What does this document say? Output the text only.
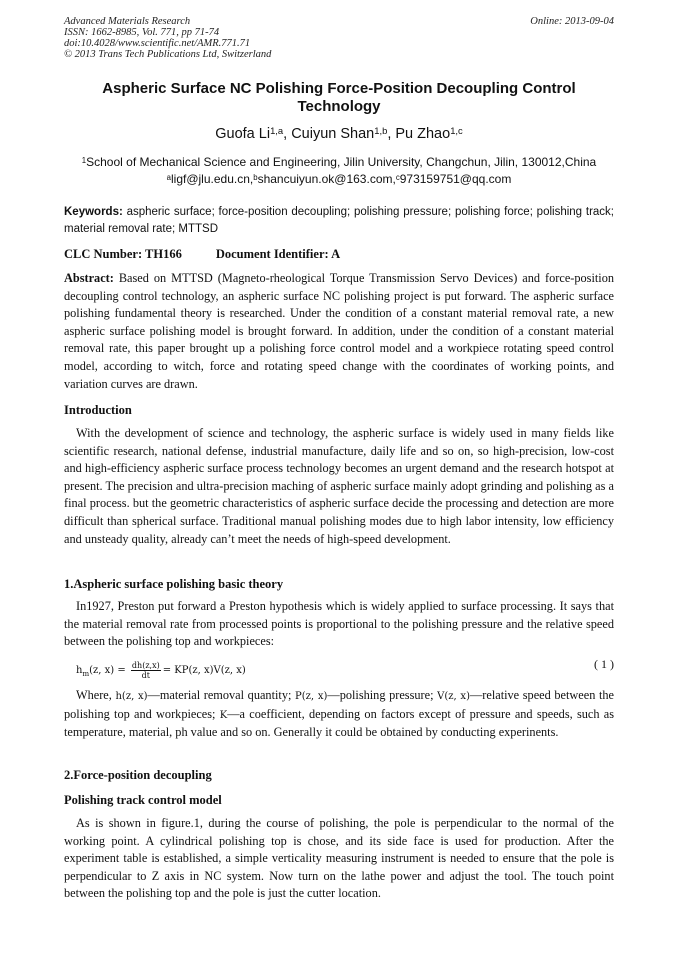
Advanced Materials Research
ISSN: 1662-8985, Vol. 771, pp 71-74
doi:10.4028/www.scientific.net/AMR.771.71
© 2013 Trans Tech Publications Ltd, Switzerland
Online: 2013-09-04
Aspheric Surface NC Polishing Force-Position Decoupling Control Technology
Guofa Li$^{1,a}$, Cuiyun Shan$^{1,b}$, Pu Zhao$^{1,c}$
$^1$School of Mechanical Science and Engineering, Jilin University, Changchun, Jilin, 130012,China
$^a$ligf@jlu.edu.cn,$^b$shancuiyun.ok@163.com,$^c$973159751@qq.com
Keywords: aspheric surface; force-position decoupling; polishing pressure; polishing force; polishing track; material removal rate; MTTSD
CLC Number: TH166	Document Identifier: A
Abstract: Based on MTTSD (Magneto-rheological Torque Transmission Servo Devices) and force-position decoupling control technology, an aspheric surface NC polishing project is put forward. The aspheric surface polishing fundamental theory is researched. Under the condition of a constant material removal rate, a new aspheric surface polishing model is brought forward. In addition, under the condition of a constant material removal rate, this paper brought up a polishing force control model and a workpiece rotating speed control model, according to witch, force and rotating speed change with the coordinates of working points, and variation curves are drawn.
Introduction
With the development of science and technology, the aspheric surface is widely used in many fields like scientific research, national defense, industrial manufacture, daily life and so on, so high-precision, low-cost and high-efficiency aspheric surface process technology becomes an urgent demand and the research hotspot at present. The precision and ultra-precision maching of aspheric surface mainly adopt grinding and polishing as a final process. but the geometric characteristics of aspheric surface decide the processing and detection are more difficult than spherical surface. Traditional manual polishing modes due to high labor intensity, low efficiency and unsteady quality, already can’t meet the needs of high-speed development.
1.Aspheric surface polishing basic theory
In1927, Preston put forward a Preston hypothesis which is widely applied to surface processing. It says that the material removal rate from processed points is proportional to the polishing pressure and the relative speed between the polishing top and workpieces:
$h_m(z$, $x) = \frac{dh(z,x)}{dt} = KP(z$, x)V(z, x)	( 1 )
Where, h(z, x)—material removal quantity; P(z, x)—polishing pressure; V(z, x)—relative speed between the polishing top and workpieces; K—a coefficient, depending on factors except of pressure and speeds, such as temperature, material, ph value and so on. Generally it could be obtained by conducting experinents.
2.Force-position decoupling
Polishing track control model
As is shown in figure.1, during the course of polishing, the pole is perpendicular to the normal of the working point. A cylindrical polishing top is chose, and its side face is used for production. After the experiment table is established, a simple verticality measuring instrument is needed to ensure that the pole is perpendicular to Z axis in NC system. Now turn on the lathe power and adjust the tool. The touch point between the polishing top and the pole is just the cutter location.
